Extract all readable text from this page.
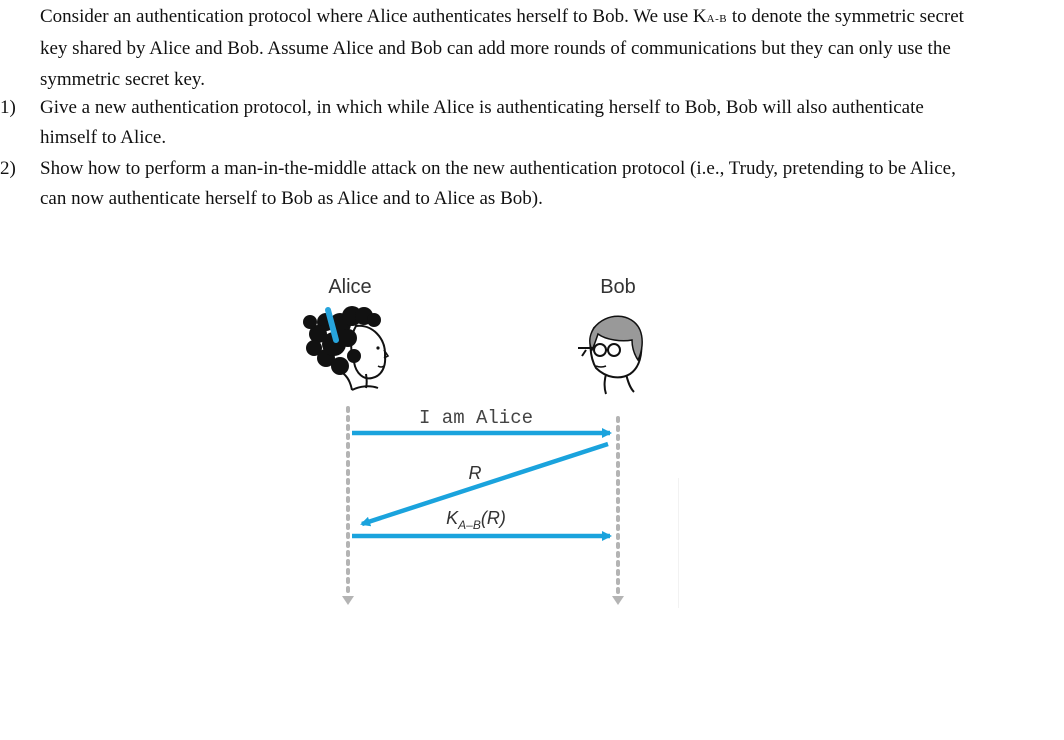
Consider an authentication protocol where Alice authenticates herself to Bob. We use KA-B to denote the symmetric secret key shared by Alice and Bob. Assume Alice and Bob can add more rounds of communications but they can only use the symmetric secret key.

1) Give a new authentication protocol, in which while Alice is authenticating herself to Bob, Bob will also authenticate himself to Alice.
2) Show how to perform a man-in-the-middle attack on the new authentication protocol (i.e., Trudy, pretending to be Alice, can now authenticate herself to Bob as Alice and to Alice as Bob).
Alice	Bob
I am Alice
R
$K_{A-B}(R)$
